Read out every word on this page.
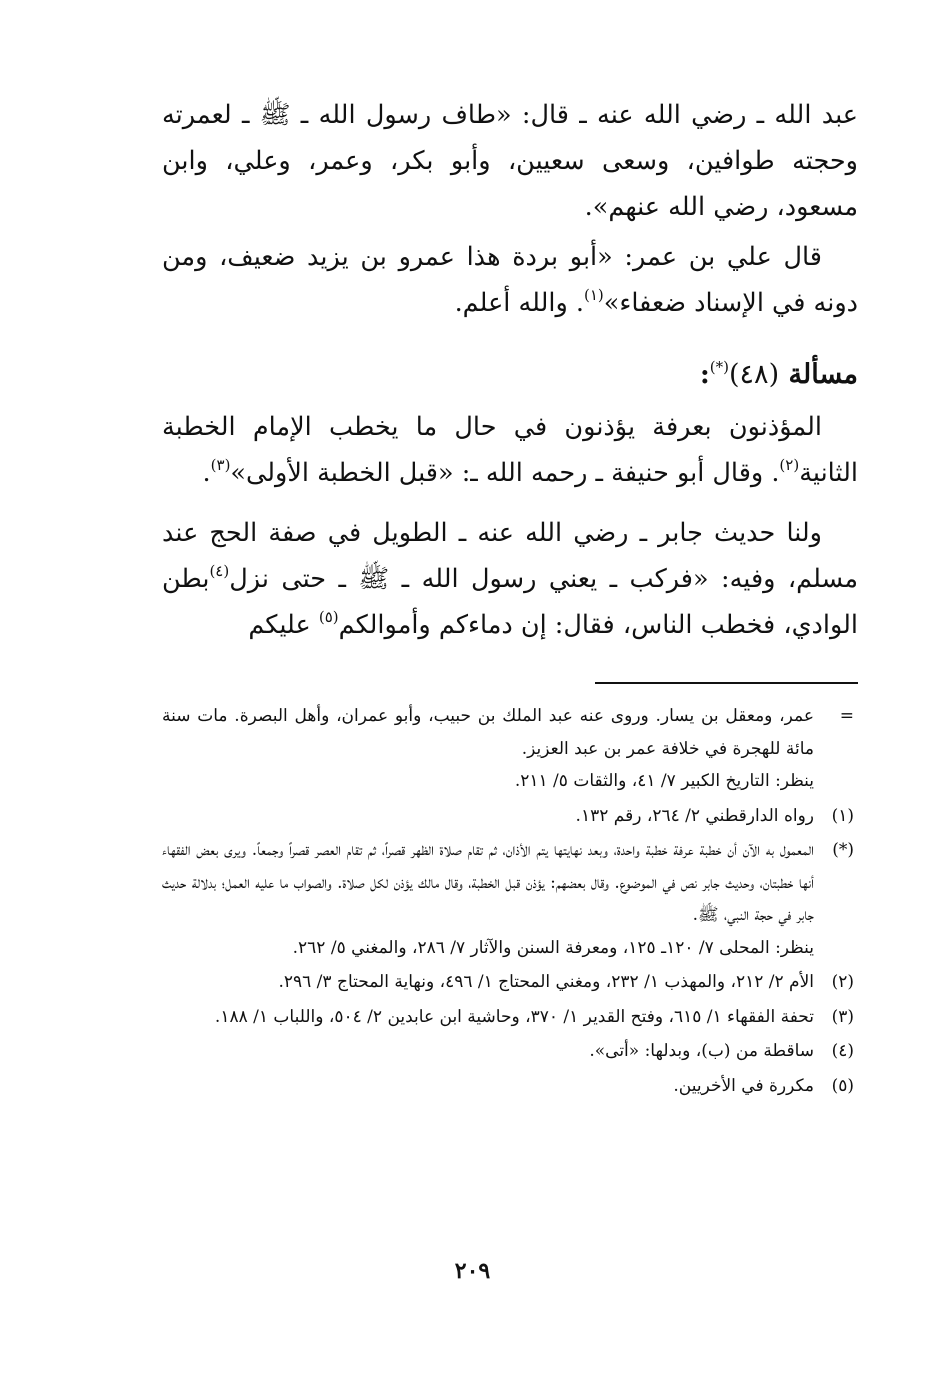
عبد الله ـ رضي الله عنه ـ قال: «طاف رسول الله ـ ﷺ ـ لعمرته وحجته طوافين، وسعى سعيين، وأبو بكر، وعمر، وعلي، وابن مسعود، رضي الله عنهم».

قال علي بن عمر: «أبو بردة هذا عمرو بن يزيد ضعيف، ومن دونه في الإسناد ضعفاء»$^{(١)}$. والله أعلم.

مسألة (٤٨)(*):

المؤذنون بعرفة يؤذنون في حال ما يخطب الإمام الخطبة الثانية$^{(٢)}$. وقال أبو حنيفة ـ رحمه الله ـ: «قبل الخطبة الأولى»$^{(٣)}$.

ولنا حديث جابر ـ رضي الله عنه ـ الطويل في صفة الحج عند مسلم، وفيه: «فركب ـ يعني رسول الله ـ ﷺ ـ حتى نزل$^{(٤)}$بطن الوادي، فخطب الناس، فقال: إن دماءكم وأموالكم$^{(٥)}$ عليكم

=
عمر، ومعقل بن يسار. وروى عنه عبد الملك بن حبيب، وأبو عمران، وأهل البصرة. مات سنة مائة للهجرة في خلافة عمر بن عبد العزيز.
ينظر: التاريخ الكبير ٧/ ٤١، والثقات ٥/ ٢١١.
(١)
رواه الدارقطني ٢/ ٢٦٤، رقم ١٣٢.
(*)
المعمول به الآن أن خطبة عرفة خطبة واحدة، وبعد نهايتها يتم الأذان، ثم تقام صلاة الظهر قصراً، ثم تقام العصر قصراً وجمعاً. ويرى بعض الفقهاء أنها خطبتان، وحديث جابر نص في الموضوع. وقال بعضهم: يؤذن قبل الخطبة، وقال مالك يؤذن لكل صلاة. والصواب ما عليه العمل؛ بدلالة حديث جابر في حجة النبي، ﷺ.
ينظر: المحلى ٧/ ١٢٠ـ ١٢٥، ومعرفة السنن والآثار ٧/ ٢٨٦، والمغني ٥/ ٢٦٢.
(٢)
الأم ٢/ ٢١٢، والمهذب ١/ ٢٣٢، ومغني المحتاج ١/ ٤٩٦، ونهاية المحتاج ٣/ ٢٩٦.
(٣)
تحفة الفقهاء ١/ ٦١٥، وفتح القدير ١/ ٣٧٠، وحاشية ابن عابدين ٢/ ٥٠٤، واللباب ١/ ١٨٨.
(٤)
ساقطة من (ب)، وبدلها: «أتى».
(٥)
مكررة في الأخريين.
٢٠٩
